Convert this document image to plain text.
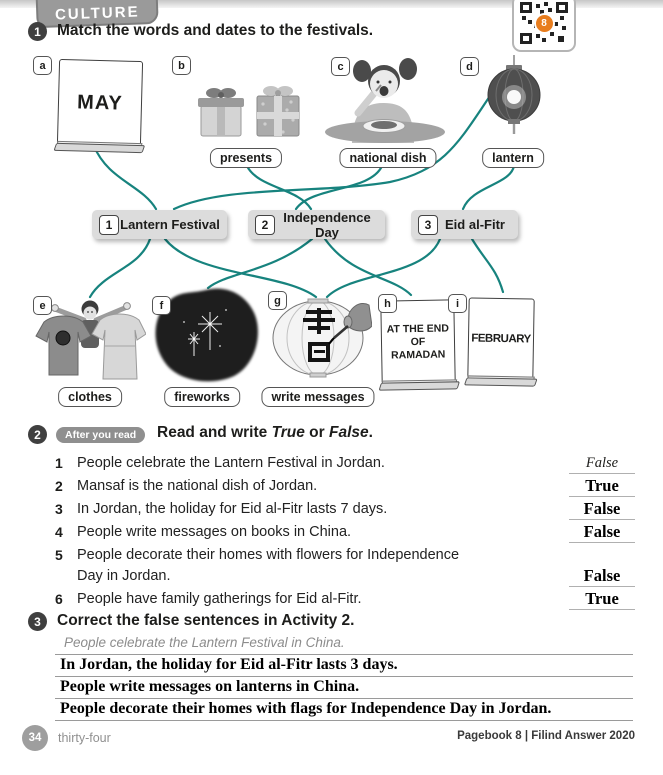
CULTURE	8
1	Match the words and dates to the festivals.
a
MAY
b
presents
c
national dish
d
lantern
1 Lantern Festival	2	Independence Day	3	Eid al-Fitr
e
clothes
f
fireworks
g
write messages
h
AT THE END OF RAMADAN
i
FEBRUARY
2	After you read	Read and write True or False.
1 People celebrate the Lantern Festival in Jordan.	False
2 Mansaf is the national dish of Jordan.	True
3 In Jordan, the holiday for Eid al-Fitr lasts 7 days.	False
4 People write messages on books in China.	False
5 People decorate their homes with flowers for Independence Day in Jordan.	False
6 People have family gatherings for Eid al-Fitr.	True
3	Correct the false sentences in Activity 2.
People celebrate the Lantern Festival in China.
In Jordan, the holiday for Eid al-Fitr lasts 3 days.
People write messages on lanterns in China.
People decorate their homes with flags for Independence Day in Jordan.
34	thirty-four	Pagebook 8 | Filind Answer 2020
